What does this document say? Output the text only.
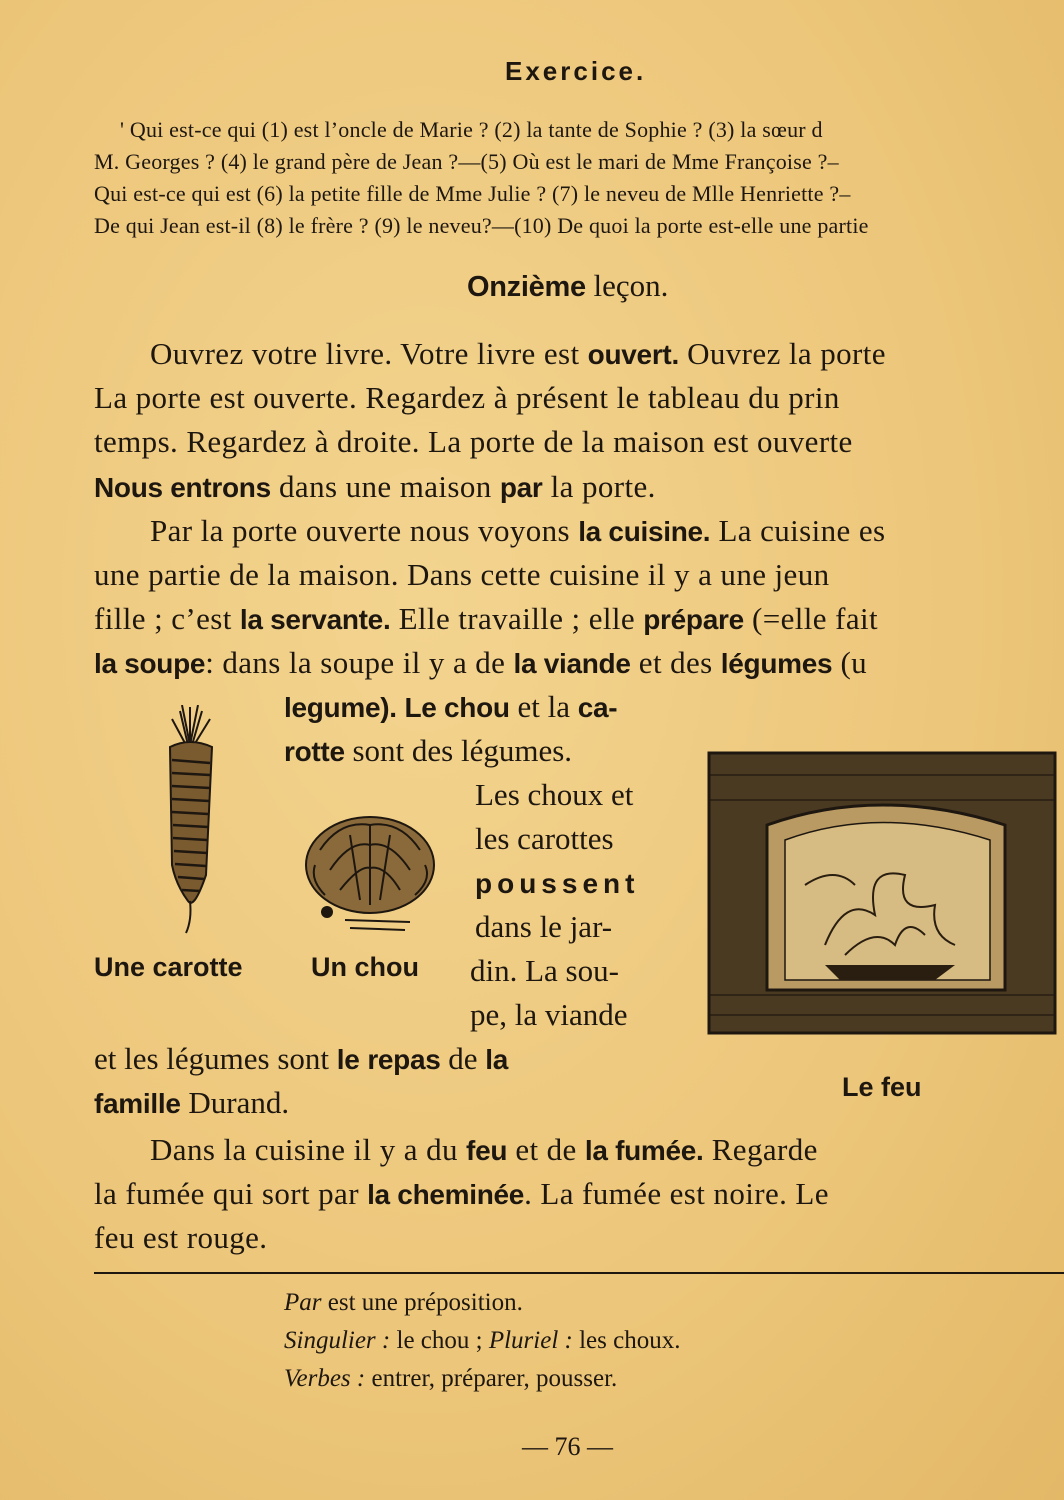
Exercice.
' Qui est-ce qui (1) est l’oncle de Marie ? (2) la tante de Sophie ? (3) la sœur d
M. Georges ? (4) le grand père de Jean ?—(5) Où est le mari de Mme Françoise ?–
Qui est-ce qui est (6) la petite fille de Mme Julie ? (7) le neveu de Mlle Henriette ?–
De qui Jean est-il (8) le frère ? (9) le neveu?—(10) De quoi la porte est-elle une partie
Onzième leçon.
Ouvrez votre livre. Votre livre est ouvert. Ouvrez la porte
La porte est ouverte. Regardez à présent le tableau du prin
temps. Regardez à droite. La porte de la maison est ouverte
Nous entrons dans une maison par la porte.
Par la porte ouverte nous voyons la cuisine. La cuisine es
une partie de la maison. Dans cette cuisine il y a une jeun
fille ; c’est la servante. Elle travaille ; elle prépare (=elle fait
la soupe: dans la soupe il y a de la viande et des légumes (u
legume). Le chou et la ca-
rotte sont des légumes.
Les choux et
les carottes
poussent
dans le jar-
din. La sou-
pe, la viande
et les légumes sont le repas de la
famille Durand.
Une carotte	Un chou
Le feu
Dans la cuisine il y a du feu et de la fumée. Regarde
la fumée qui sort par la cheminée. La fumée est noire. Le
feu est rouge.
Par est une préposition.
Singulier : le chou ; Pluriel : les choux.
Verbes : entrer, préparer, pousser.
— 76 —
